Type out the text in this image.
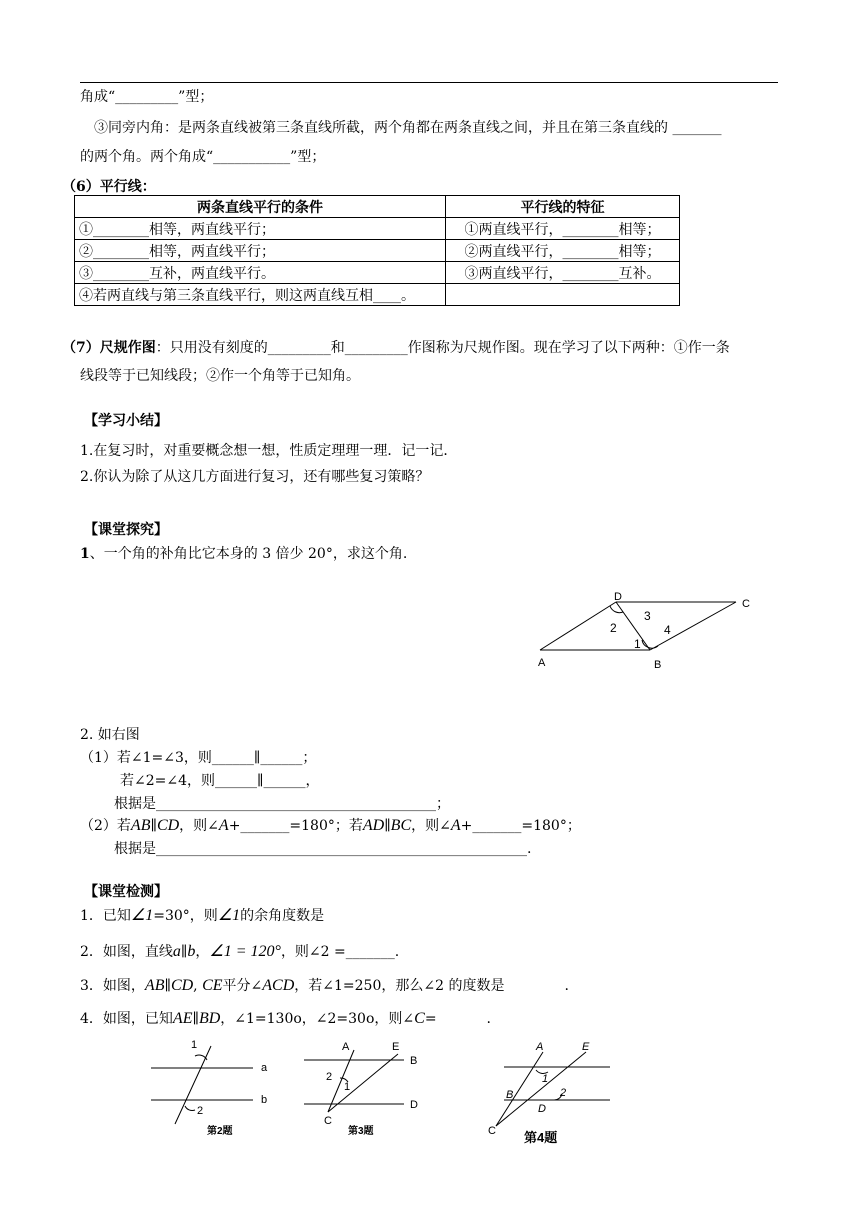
角成“_________”型；
③同旁内角：是两条直线被第三条直线所截，两个角都在两条直线之间，并且在第三条直线的 _______
的两个角。两个角成“___________”型；
（6）平行线：
两条直线平行的条件	平行线的特征
①________相等，两直线平行；	①两直线平行，________相等；
②________相等，两直线平行；	②两直线平行，________相等；
③________互补，两直线平行。	③两直线平行，________互补。
④若两直线与第三条直线平行，则这两直线互相____。	
（7）尺规作图：只用没有刻度的_________和_________作图称为尺规作图。现在学习了以下两种：①作一条
线段等于已知线段；②作一个角等于已知角。
【学习小结】
1.在复习时，对重要概念想一想，性质定理理一理．记一记．
2.你认为除了从这几方面进行复习，还有哪些复习策略？
【课堂探究】
1、一个角的补角比它本身的 3 倍少 20°，求这个角.
D
C
A	B
2
3
1
4
2. 如右图
（1）若∠1=∠3，则______∥______；
若∠2=∠4，则______∥______，
根据是________________________________________；
（2）若AB∥CD，则∠A+_______=180°；若AD∥BC，则∠A+_______=180°；
根据是_____________________________________________________.
【课堂检测】
1．已知∠1=30°，则∠1的余角度数是
2．如图，直线a∥b，∠1 = 120°，则∠2 =_______.
3．如图，AB∥CD, CE平分∠ACD，若∠1=250，那么∠2 的度数是	.
4．如图，已知AE∥BD，∠1=130o，∠2=30o，则∠C=	.
1
2
a
b
第2题
A	E
B
C
D
2
1
第3题
A	E
B
D
C
1
2
第4题
